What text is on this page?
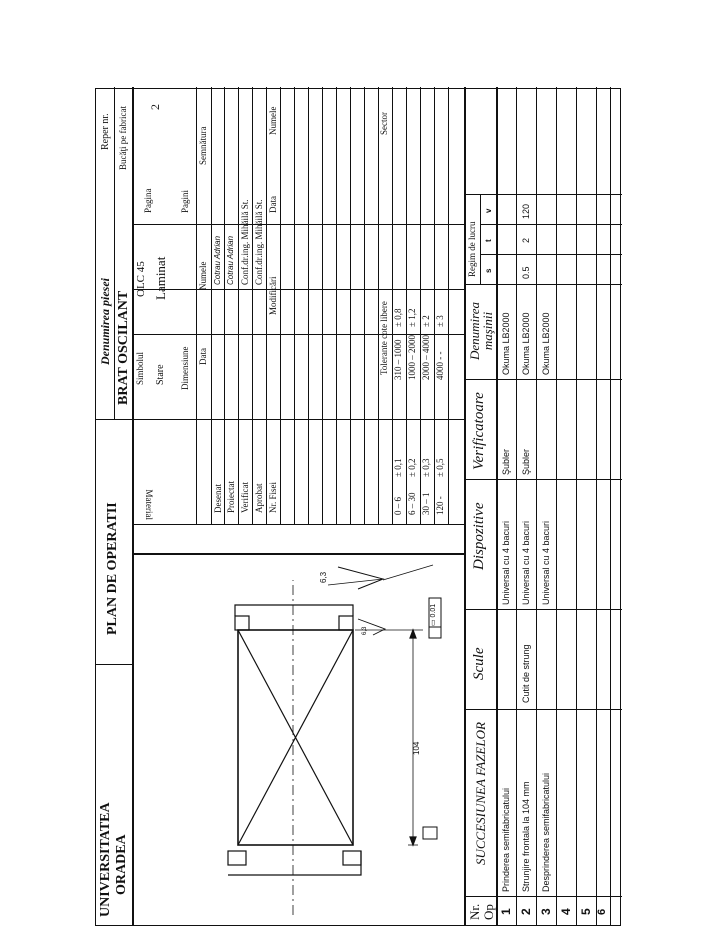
UNIVERSITATEA ORADEA
PLAN DE OPERATII
Denumirea piesei BRAT OSCILANT
104
6,3
6,3
▭ 0.01
Material
Simbolul Stare Dimensiune
OLC 45 Laminat
Pagina	Pagini
Reper nr. Bucăţi pe fabricat 2
Numele
Data
Semnătura
Desenat
Cotrau Adrian
Proiectat
Cotrau Adrian
Verificat
Conf.dr.ing. Mihăilă St.
Aprobat
Conf.dr.ing. Mihăilă St.
Nr. Fisei
Modificări
Data
Numele
Tolerante cote libere
Sector
0 – 6
± 0,1
310 – 1000
± 0,8
6 – 30
± 0,2
1000 – 2000
± 1,2
30 – 1
± 0,3
2000 – 4000
± 2
120 -
± 0,5
4000 - -
± 3
Nr. Op
SUCCESIUNEA FAZELOR
Scule
Dispozitive
Verificatoare
Denumirea maşinii
Regim de lucru s
t
v
1
Prinderea semifabricatului
Universal cu 4 bacuri
Şubler
Okuma LB2000
2
Strunjire frontala la 104 mm
Cutit de strung
Universal cu 4 bacuri
Şubler
Okuma LB2000
0.5
2
120
3
Desprinderea semifabricatului
Universal cu 4 bacuri
Okuma LB2000
4 5 6
